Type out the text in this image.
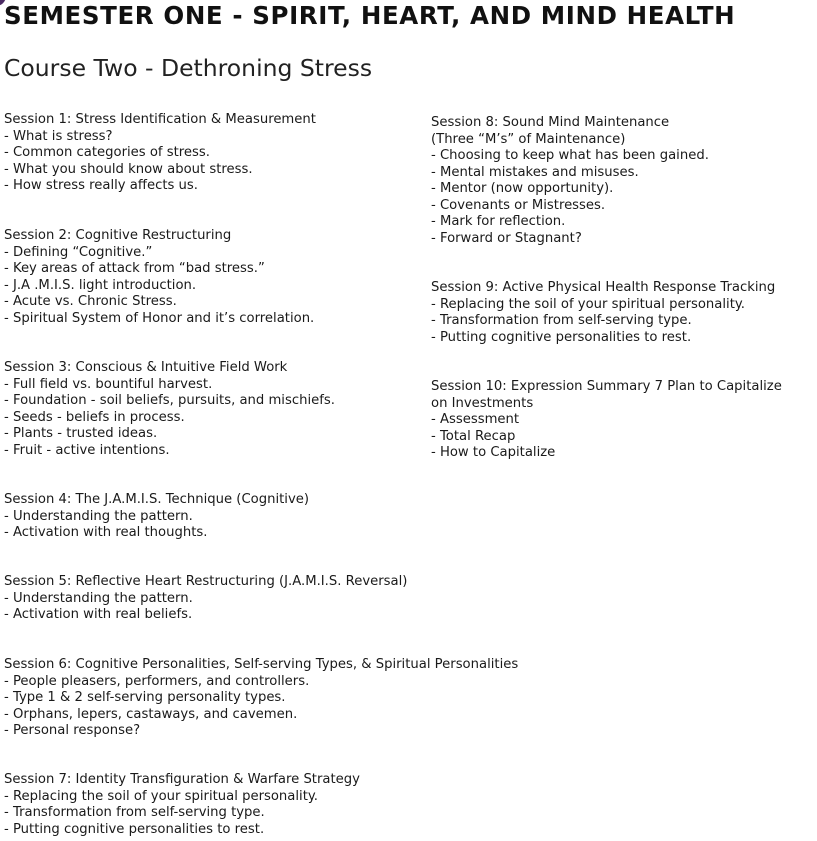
SEMESTER ONE - SPIRIT, HEART, AND MIND HEALTH
Course Two - Dethroning Stress
Session 1: Stress Identification & Measurement
- What is stress?
- Common categories of stress.
- What you should know about stress.
- How stress really affects us.
Session 2: Cognitive Restructuring
- Defining “Cognitive.”
- Key areas of attack from “bad stress.”
- J.A .M.I.S. light introduction.
- Acute vs. Chronic Stress.
- Spiritual System of Honor and it’s correlation.
Session 3: Conscious & Intuitive Field Work
- Full field vs. bountiful harvest.
- Foundation - soil beliefs, pursuits, and mischiefs.
- Seeds - beliefs in process.
- Plants - trusted ideas.
- Fruit - active intentions.
Session 4: The J.A.M.I.S. Technique (Cognitive)
- Understanding the pattern.
- Activation with real thoughts.
Session 5: Reflective Heart Restructuring (J.A.M.I.S. Reversal)
- Understanding the pattern.
- Activation with real beliefs.
Session 6: Cognitive Personalities, Self-serving Types, & Spiritual Personalities
- People pleasers, performers, and controllers.
- Type 1 & 2 self-serving personality types.
- Orphans, lepers, castaways, and cavemen.
- Personal response?
Session 7: Identity Transfiguration & Warfare Strategy
- Replacing the soil of your spiritual personality.
- Transformation from self-serving type.
- Putting cognitive personalities to rest.
Session 8: Sound Mind Maintenance
(Three “M’s” of Maintenance)
- Choosing to keep what has been gained.
- Mental mistakes and misuses.
- Mentor (now opportunity).
- Covenants or Mistresses.
- Mark for reflection.
- Forward or Stagnant?
Session 9: Active Physical Health Response Tracking
- Replacing the soil of your spiritual personality.
- Transformation from self-serving type.
- Putting cognitive personalities to rest.
Session 10: Expression Summary 7 Plan to Capitalize
on Investments
- Assessment
- Total Recap
- How to Capitalize
